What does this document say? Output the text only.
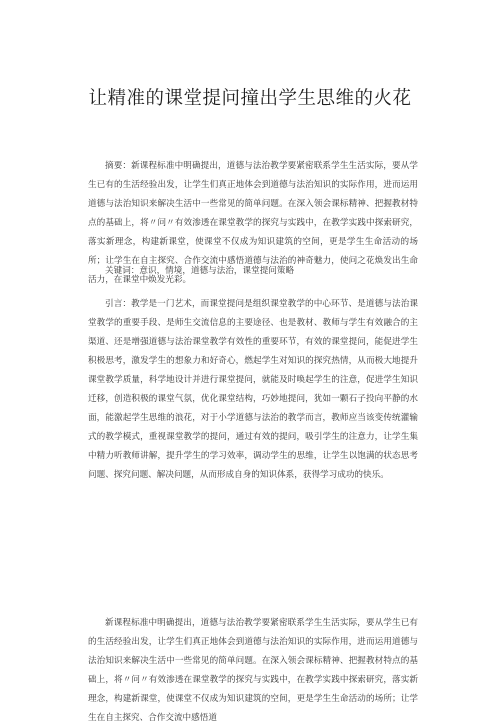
让精准的课堂提问撞出学生思维的火花

摘要：新课程标准中明确提出，道德与法治教学要紧密联系学生生活实际，要从学生已有的生活经验出发，让学生们真正地体会到道德与法治知识的实际作用，进而运用道德与法治知识来解决生活中一些常见的简单问题。在深入领会课标精神、把握教材特点的基础上，将〃问〃有效渗透在课堂教学的探究与实践中，在教学实践中探索研究，落实新理念，构建新课堂，使课堂不仅成为知识建筑的空间，更是学生生命活动的场所；让学生在自主探究、合作交流中感悟道德与法治的神奇魅力，使问之花焕发出生命活力，在课堂中焕发光彩。

关键词：意识，情境，道德与法治，课堂提问策略

引言：教学是一门艺术，而课堂提问是组织课堂教学的中心环节、是道德与法治课堂教学的重要手段、是师生交流信息的主要途径、也是教材、教师与学生有效融合的主渠道、还是增强道德与法治课堂教学有效性的重要环节，有效的课堂提问，能促进学生积极思考，激发学生的想象力和好奇心，燃起学生对知识的探究热情，从而极大地提升课堂教学质量，科学地设计并进行课堂提问，就能及时唤起学生的注意，促进学生知识迁移，创造积极的课堂气氛，优化课堂结构，巧妙地提问，犹如一颗石子投向平静的水面，能激起学生思维的浪花，对于小学道德与法治的教学而言，教师应当该变传统灌输式的教学模式，重视课堂教学的提问，通过有效的提问，吸引学生的注意力，让学生集中精力听教师讲解，提升学生的学习效率，调动学生的思维，让学生以饱满的状态思考问题、探究问题、解决问题，从而形成自身的知识体系，获得学习成功的快乐。

新课程标准中明确提出，道德与法治教学要紧密联系学生生活实际，要从学生已有的生活经验出发，让学生们真正地体会到道德与法治知识的实际作用，进而运用道德与法治知识来解决生活中一些常见的简单问题。在深入领会课标精神、把握教材特点的基础上，将〃问〃有效渗透在课堂教学的探究与实践中，在教学实践中探索研究，落实新理念，构建新课堂，使课堂不仅成为知识建筑的空间，更是学生生命活动的场所；让学生在自主探究、合作交流中感悟道
